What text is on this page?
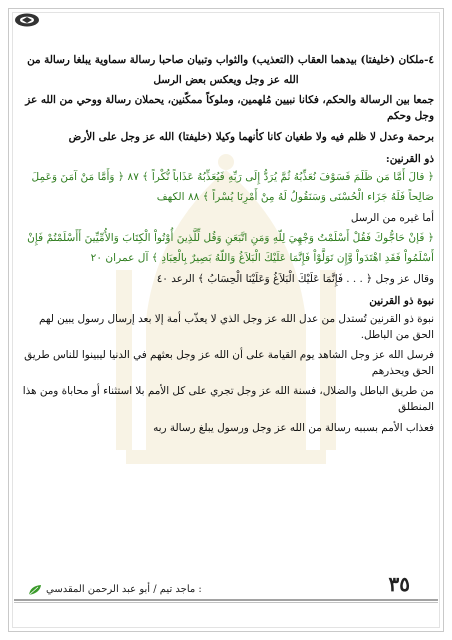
٤-ملكان (خليفتا) بيدهما العقاب (التعذيب) والثواب وتبيان صاحبا رسالة سماوية يبلغا رسالة من
الله عز وجل ويعكس بعض الرسل
جمعا بين الرسالة والحكم، فكانا نبيين مُلهمين، وملوكاً ممكّنين، يحملان رسالة ووحي من الله عز وجل وحكم
برحمة وعدل لا ظلم فيه ولا طغيان كانا كأنهما وكيلا (خليفتا) الله عز وجل على الأرض
ذو القرنين:
﴿ قالَ أَمَّا مَن ظَلَمَ فَسَوْفَ نُعَذِّبُهُ ثُمَّ يُرَدُّ إِلَى رَبِّهِ فَيُعَذِّبُهُ عَذَاباً نُّكْراً ﴾ ٨٧ ﴿ وَأَمَّا مَنْ آمَنَ وَعَمِلَ
صَالِحاً فَلَهُ جَزَاء الْحُسْنَى وَسَنَقُولُ لَهُ مِنْ أَمْرِنَا يُسْراً ﴾ ٨٨ الكهف
أما غيره من الرسل
﴿ فَإنْ حَاجُّوكَ فَقُلْ أَسْلَمْتُ وَجْهِيَ لِلّهِ وَمَنِ اتَّبَعَنِ وَقُل لِّلَّذِينَ أُوْتُواْ الْكِتَابَ وَالأُمِّيِّينَ أَأَسْلَمْتُمْ فَإِنْ
أَسْلَمُواْ فَقَدِ اهْتَدَواْ وَّإِن تَوَلَّوْاْ فَإِنَّمَا عَلَيْكَ الْبَلاَغُ وَاللّهُ بَصِيرٌ بِالْعِبَادِ ﴾ آل عمران ٢٠
وقال عز وجل ﴿ . . . فَإِنَّمَا عَلَيْكَ الْبَلاَغُ وَعَلَيْنَا الْحِسَابُ ﴾ الرعد ٤٠
نبوة ذو القرنين
نبوة ذو القرنين تُستدل من عدل الله عز وجل الذي لا يعذّب أمة إلا بعد إرسال رسول يبين لهم الحق من الباطل.
فرسل الله عز وجل الشاهد يوم القيامة على أن الله عز وجل بعثهم في الدنيا ليبينوا للناس طريق الحق ويحذرهم
من طريق الباطل والضلال، فسنة الله عز وجل تجري على كل الأمم بلا استثناء أو محاباة ومن هذا المنطلق
فعذاب الأمم بسببه رسالة من الله عز وجل ورسول يبلغ رسالة ربه
٣٥
: ماجد تيم / أبو عبد الرحمن المقدسي
